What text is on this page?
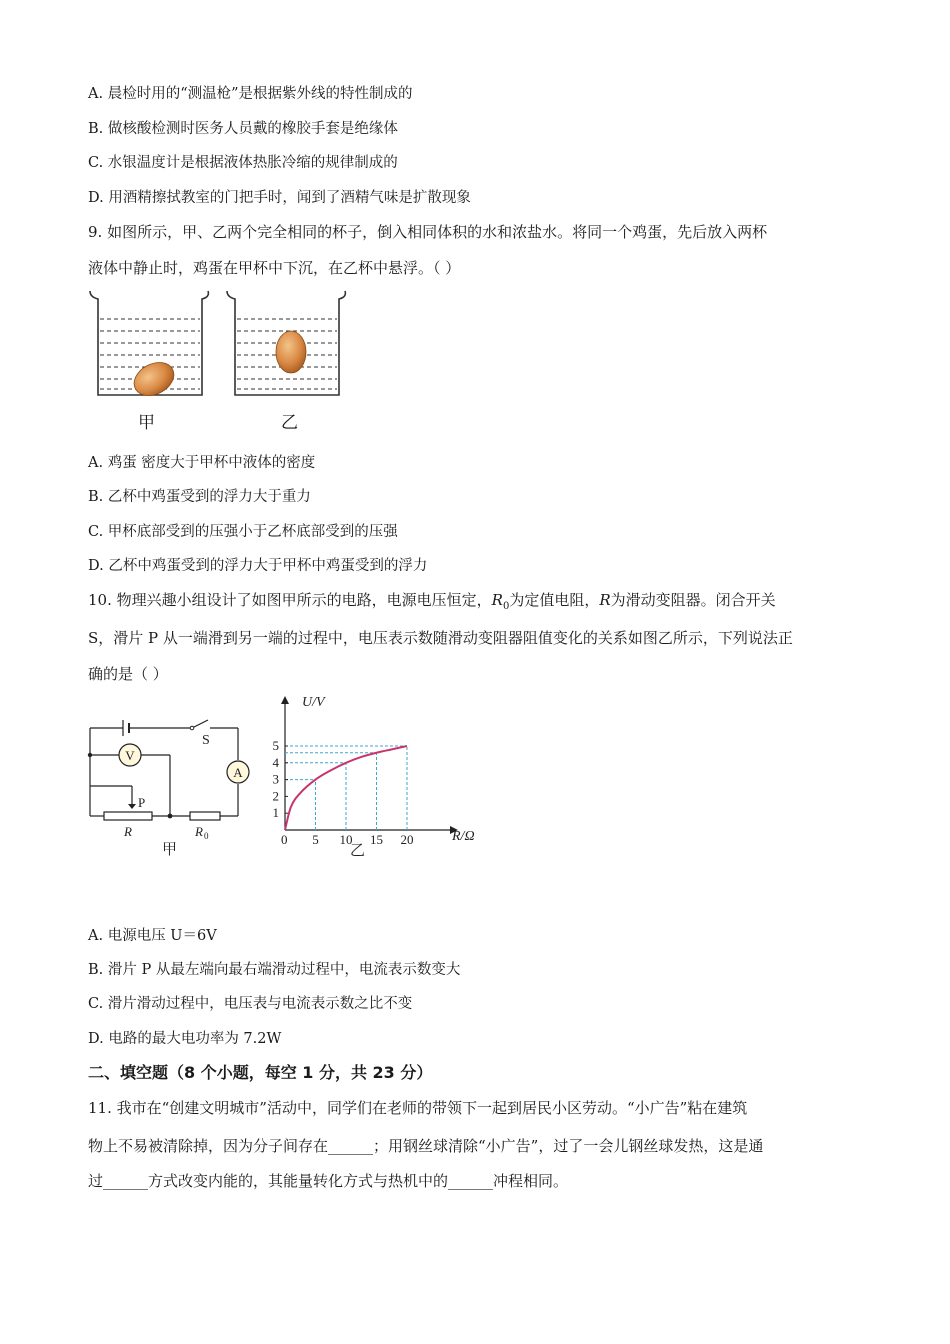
A. 晨检时用的“测温枪”是根据紫外线的特性制成的
B. 做核酸检测时医务人员戴的橡胶手套是绝缘体
C. 水银温度计是根据液体热胀冷缩的规律制成的
D. 用酒精擦拭教室的门把手时，闻到了酒精气味是扩散现象
9. 如图所示，甲、乙两个完全相同的杯子，倒入相同体积的水和浓盐水。将同一个鸡蛋，先后放入两杯
液体中静止时，鸡蛋在甲杯中下沉，在乙杯中悬浮。（ ）
甲	乙
A. 鸡蛋 密度大于甲杯中液体的密度
B. 乙杯中鸡蛋受到的浮力大于重力
C. 甲杯底部受到的压强小于乙杯底部受到的压强
D. 乙杯中鸡蛋受到的浮力大于甲杯中鸡蛋受到的浮力
10. 物理兴趣小组设计了如图甲所示的电路，电源电压恒定，$R_0$为定值电阻，R为滑动变阻器。闭合开关
S，滑片 P 从一端滑到另一端的过程中，电压表示数随滑动变阻器阻值变化的关系如图乙所示，下列说法正
确的是（ ）
V
A
S
P
R	R 0
甲
0 5 10 15 20
1
2
3
4
5
U/V
R/Ω
乙
A. 电源电压 U＝6V
B. 滑片 P 从最左端向最右端滑动过程中，电流表示数变大
C. 滑片滑动过程中，电压表与电流表示数之比不变
D. 电路的最大电功率为 7.2W
二、填空题（8 个小题，每空 1 分，共 23 分）
11. 我市在“创建文明城市”活动中，同学们在老师的带领下一起到居民小区劳动。“小广告”粘在建筑
物上不易被清除掉，因为分子间存在______；用钢丝球清除“小广告”，过了一会儿钢丝球发热，这是通
过______方式改变内能的，其能量转化方式与热机中的______冲程相同。
